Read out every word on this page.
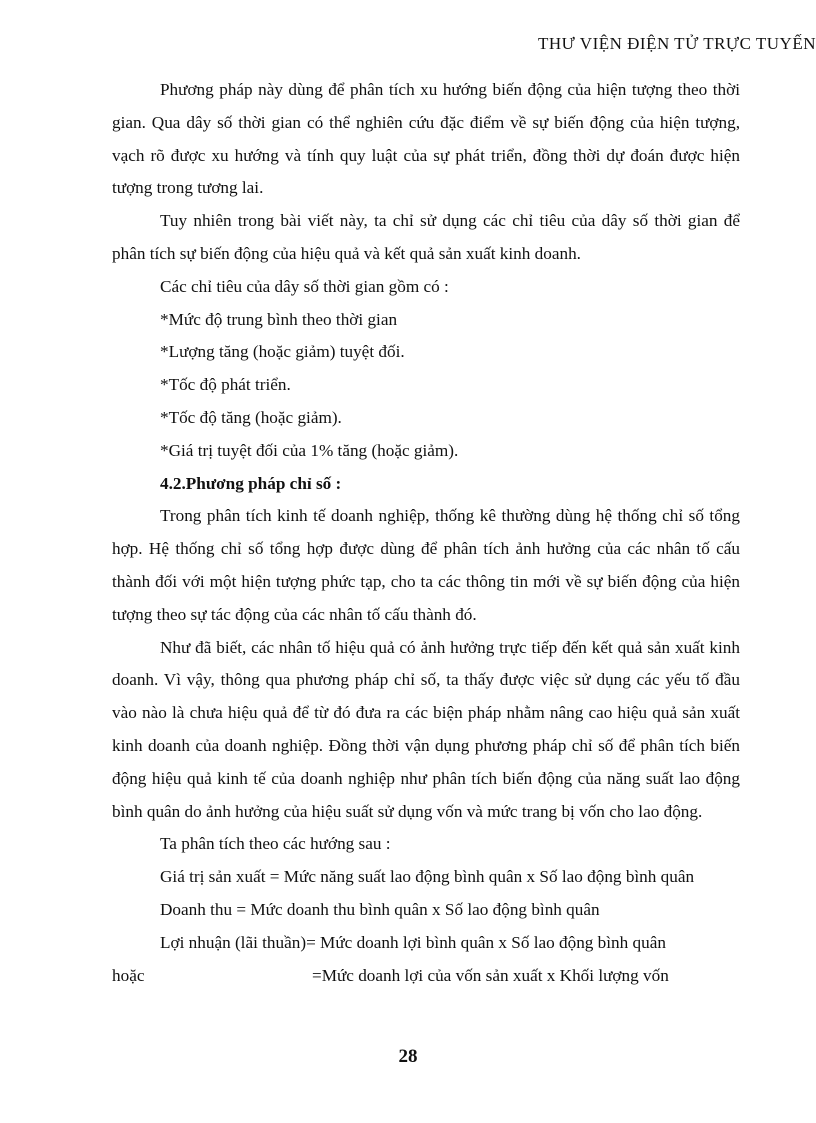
THƯ VIỆN ĐIỆN TỬ TRỰC TUYẾN

Phương pháp này dùng để phân tích xu hướng biến động của hiện tượng theo thời gian. Qua dây số thời gian có thể nghiên cứu đặc điểm về sự biến động của hiện tượng, vạch rõ được xu hướng và tính quy luật của sự phát triển, đồng thời dự đoán được hiện tượng trong tương lai.

Tuy nhiên trong bài viết này, ta chỉ sử dụng các chỉ tiêu của dây số thời gian để phân tích sự biến động của hiệu quả và kết quả sản xuất kinh doanh.

Các chỉ tiêu của dây số thời gian gồm có :

*Mức độ trung bình theo thời gian

*Lượng tăng (hoặc giảm) tuyệt đối.

*Tốc độ phát triển.

*Tốc độ tăng (hoặc giảm).

*Giá trị tuyệt đối của 1% tăng (hoặc giảm).

4.2.Phương pháp chỉ số :

Trong phân tích kinh tế doanh nghiệp, thống kê thường dùng hệ thống chỉ số tổng hợp. Hệ thống chỉ số tổng hợp được dùng để phân tích ảnh hưởng của các nhân tố cấu thành đối với một hiện tượng phức tạp, cho ta các thông tin mới về sự biến động của hiện tượng theo sự tác động của các nhân tố cấu thành đó.

Như đã biết, các nhân tố hiệu quả có ảnh hưởng trực tiếp đến kết quả sản xuất kinh doanh. Vì vậy, thông qua phương pháp chỉ số, ta thấy được việc sử dụng các yếu tố đầu vào nào là chưa hiệu quả để từ đó đưa ra các biện pháp nhằm nâng cao hiệu quả sản xuất kinh doanh của doanh nghiệp. Đồng thời vận dụng phương pháp chỉ số để phân tích biến động hiệu quả kinh tế của doanh nghiệp như phân tích biến động của năng suất lao động bình quân do ảnh hưởng của hiệu suất sử dụng vốn và mức trang bị vốn cho lao động.

Ta phân tích theo các hướng sau :

Giá trị sản xuất = Mức năng suất lao động bình quân x Số lao động bình quân

Doanh thu = Mức doanh thu bình quân x Số lao động bình quân

Lợi nhuận (lãi thuần)= Mức doanh lợi bình quân x Số lao động bình quân

hoặc	=Mức doanh lợi của vốn sản xuất x Khối lượng vốn

28
